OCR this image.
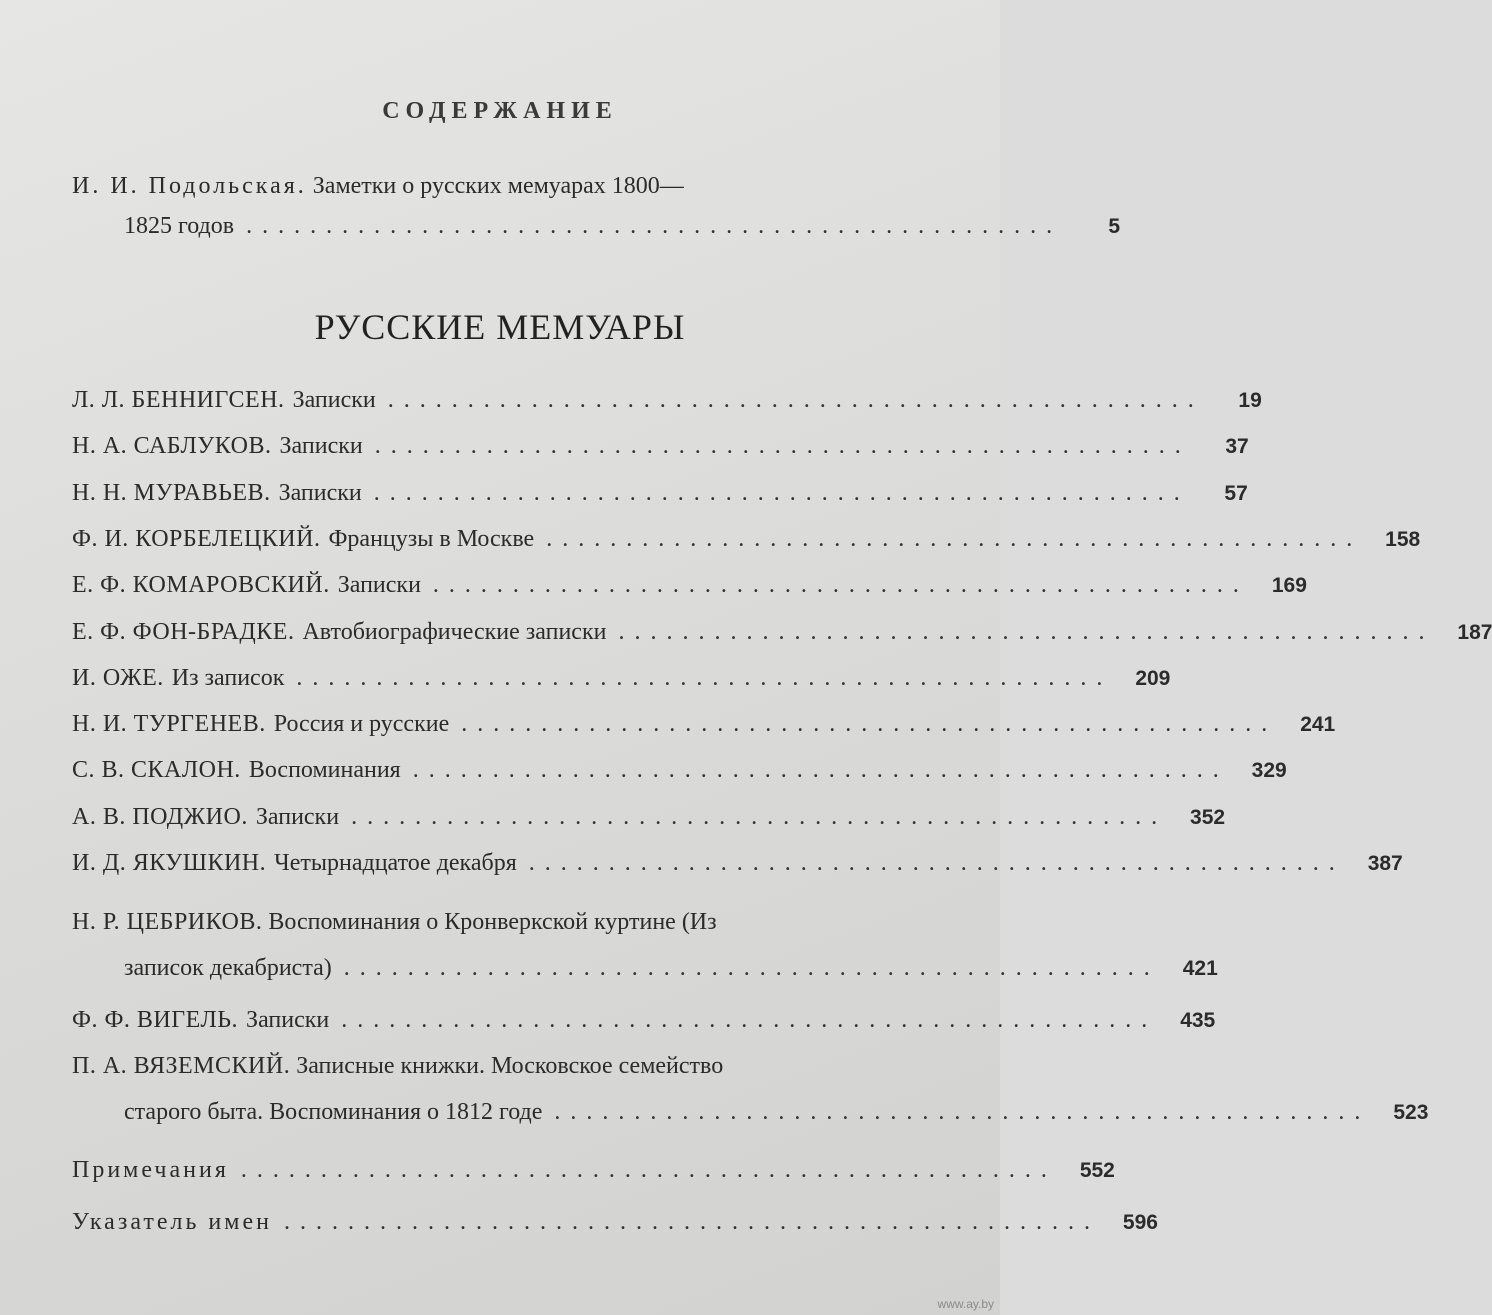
СОДЕРЖАНИЕ
И. И. Подольская. Заметки о русских мемуарах 1800—
1825 годов ...................................................	5
РУССКИЕ МЕМУАРЫ
Л. Л. БЕННИГСЕН. Записки ...................................................	19
Н. А. САБЛУКОВ. Записки ...................................................	37
Н. Н. МУРАВЬЕВ. Записки ...................................................	57
Ф. И. КОРБЕЛЕЦКИЙ. Французы в Москве ...................................................	158
Е. Ф. КОМАРОВСКИЙ. Записки ...................................................	169
Е. Ф. ФОН-БРАДКЕ. Автобиографические записки ...................................................	187
И. ОЖЕ. Из записок ...................................................	209
Н. И. ТУРГЕНЕВ. Россия и русские ...................................................	241
С. В. СКАЛОН. Воспоминания ...................................................	329
А. В. ПОДЖИО. Записки ...................................................	352
И. Д. ЯКУШКИН. Четырнадцатое декабря ...................................................	387
Н. Р. ЦЕБРИКОВ. Воспоминания о Кронверкской куртине (Из
записок декабриста) ...................................................	421
Ф. Ф. ВИГЕЛЬ. Записки ...................................................	435
П. А. ВЯЗЕМСКИЙ. Записные книжки. Московское семейство
старого быта. Воспоминания о 1812 годе ...................................................	523
Примечания ...................................................	552
Указатель имен ...................................................	596
www.ay.by
